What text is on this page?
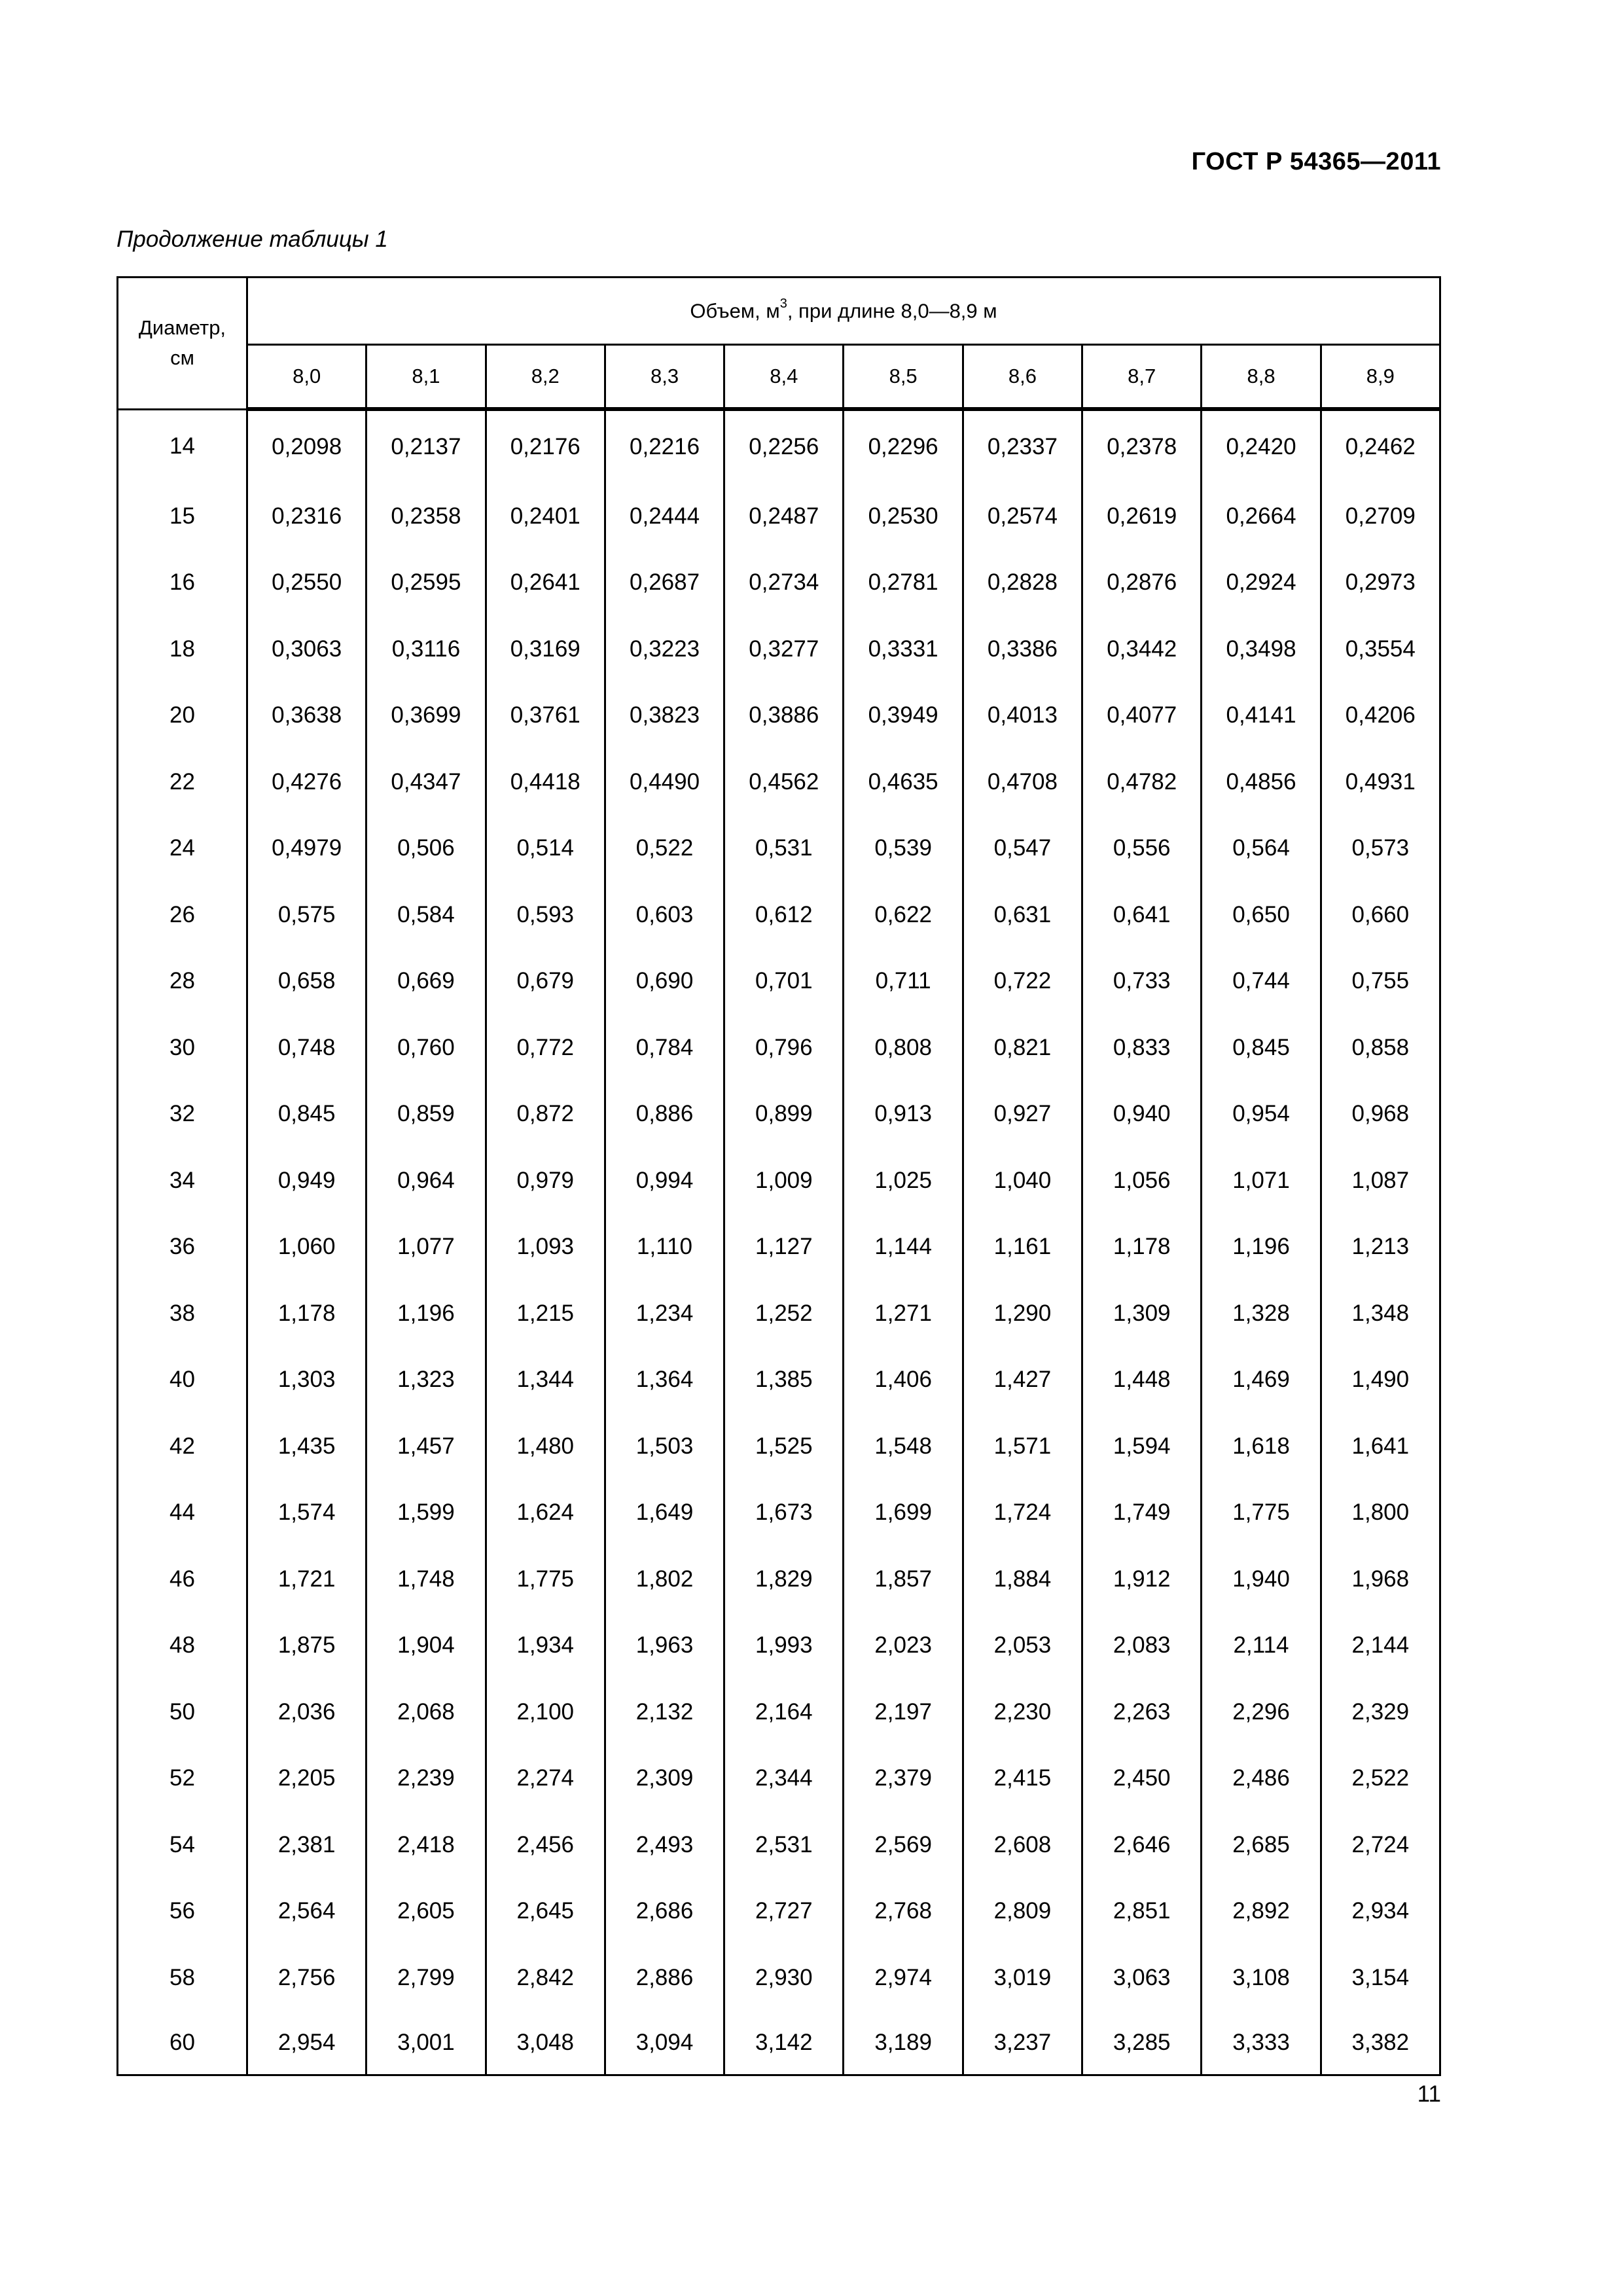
ГОСТ Р 54365—2011
Продолжение таблицы 1
Диаметр,
см	Объем, $м^3$, при длине 8,0—8,9 м									
	8,0	8,1	8,2	8,3	8,4	8,5	8,6	8,7	8,8	8,9
14	0,2098	0,2137	0,2176	0,2216	0,2256	0,2296	0,2337	0,2378	0,2420	0,2462
15	0,2316	0,2358	0,2401	0,2444	0,2487	0,2530	0,2574	0,2619	0,2664	0,2709
16	0,2550	0,2595	0,2641	0,2687	0,2734	0,2781	0,2828	0,2876	0,2924	0,2973
18	0,3063	0,3116	0,3169	0,3223	0,3277	0,3331	0,3386	0,3442	0,3498	0,3554
20	0,3638	0,3699	0,3761	0,3823	0,3886	0,3949	0,4013	0,4077	0,4141	0,4206
22	0,4276	0,4347	0,4418	0,4490	0,4562	0,4635	0,4708	0,4782	0,4856	0,4931
24	0,4979	0,506	0,514	0,522	0,531	0,539	0,547	0,556	0,564	0,573
26	0,575	0,584	0,593	0,603	0,612	0,622	0,631	0,641	0,650	0,660
28	0,658	0,669	0,679	0,690	0,701	0,711	0,722	0,733	0,744	0,755
30	0,748	0,760	0,772	0,784	0,796	0,808	0,821	0,833	0,845	0,858
32	0,845	0,859	0,872	0,886	0,899	0,913	0,927	0,940	0,954	0,968
34	0,949	0,964	0,979	0,994	1,009	1,025	1,040	1,056	1,071	1,087
36	1,060	1,077	1,093	1,110	1,127	1,144	1,161	1,178	1,196	1,213
38	1,178	1,196	1,215	1,234	1,252	1,271	1,290	1,309	1,328	1,348
40	1,303	1,323	1,344	1,364	1,385	1,406	1,427	1,448	1,469	1,490
42	1,435	1,457	1,480	1,503	1,525	1,548	1,571	1,594	1,618	1,641
44	1,574	1,599	1,624	1,649	1,673	1,699	1,724	1,749	1,775	1,800
46	1,721	1,748	1,775	1,802	1,829	1,857	1,884	1,912	1,940	1,968
48	1,875	1,904	1,934	1,963	1,993	2,023	2,053	2,083	2,114	2,144
50	2,036	2,068	2,100	2,132	2,164	2,197	2,230	2,263	2,296	2,329
52	2,205	2,239	2,274	2,309	2,344	2,379	2,415	2,450	2,486	2,522
54	2,381	2,418	2,456	2,493	2,531	2,569	2,608	2,646	2,685	2,724
56	2,564	2,605	2,645	2,686	2,727	2,768	2,809	2,851	2,892	2,934
58	2,756	2,799	2,842	2,886	2,930	2,974	3,019	3,063	3,108	3,154
60	2,954	3,001	3,048	3,094	3,142	3,189	3,237	3,285	3,333	3,382
11
